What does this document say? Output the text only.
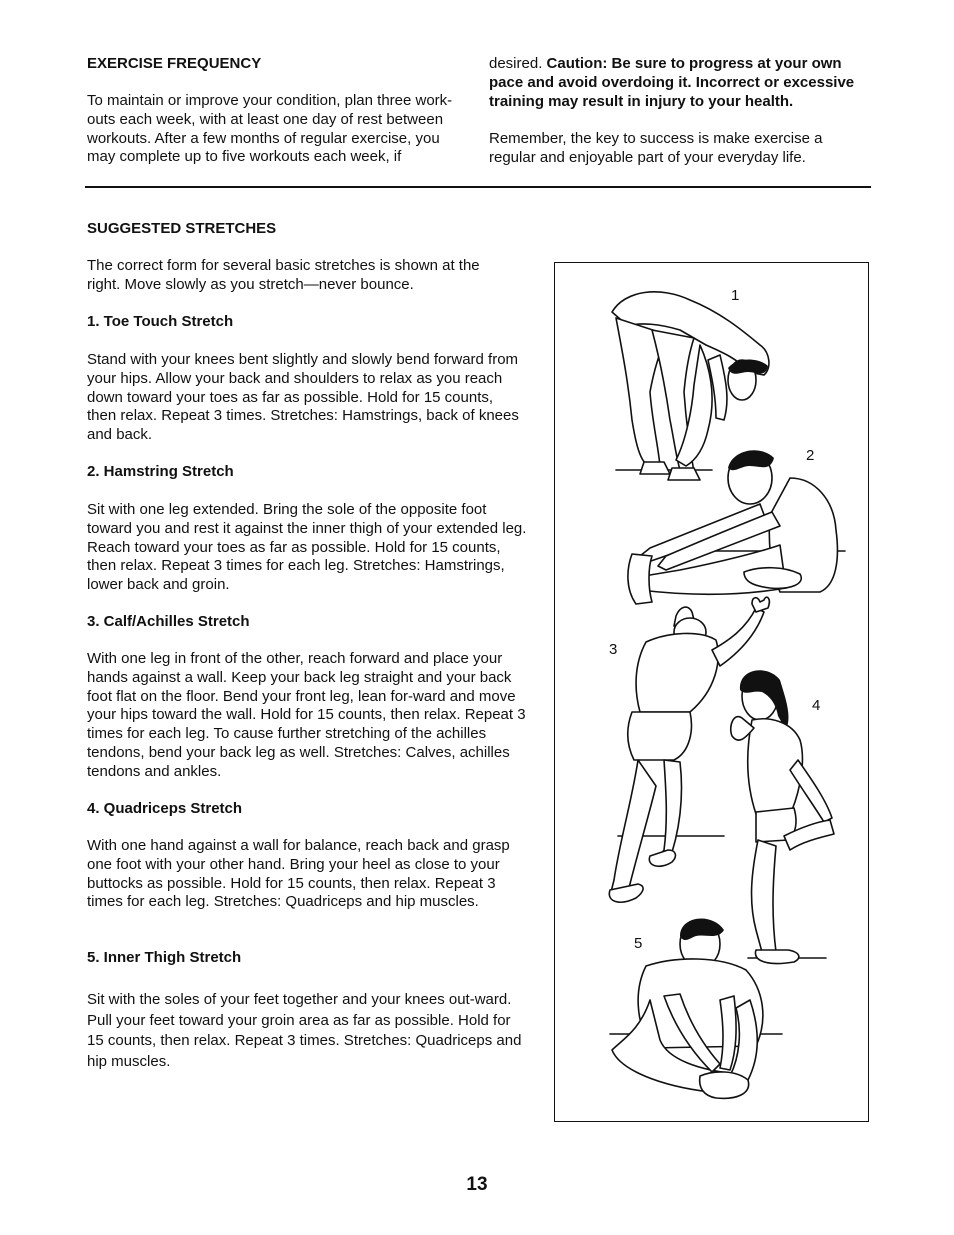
EXERCISE FREQUENCY

To maintain or improve your condition, plan three work-outs each week, with at least one day of rest between workouts. After a few months of regular exercise, you may complete up to five workouts each week, if

desired. Caution: Be sure to progress at your own pace and avoid overdoing it. Incorrect or excessive training may result in injury to your health.

Remember, the key to success is make exercise a regular and enjoyable part of your everyday life.

SUGGESTED STRETCHES

The correct form for several basic stretches is shown at the right. Move slowly as you stretch—never bounce.

1. Toe Touch Stretch

Stand with your knees bent slightly and slowly bend forward from your hips. Allow your back and shoulders to relax as you reach down toward your toes as far as possible. Hold for 15 counts, then relax. Repeat 3 times. Stretches: Hamstrings, back of knees and back.

2. Hamstring Stretch

Sit with one leg extended. Bring the sole of the opposite foot toward you and rest it against the inner thigh of your extended leg. Reach toward your toes as far as possible. Hold for 15 counts, then relax. Repeat 3 times for each leg. Stretches: Hamstrings, lower back and groin.

3. Calf/Achilles Stretch

With one leg in front of the other, reach forward and place your hands against a wall. Keep your back leg straight and your back foot flat on the floor. Bend your front leg, lean for-ward and move your hips toward the wall. Hold for 15 counts, then relax. Repeat 3 times for each leg. To cause further stretching of the achilles tendons, bend your back leg as well. Stretches: Calves, achilles tendons and ankles.

4. Quadriceps Stretch

With one hand against a wall for balance, reach back and grasp one foot with your other hand. Bring your heel as close to your buttocks as possible. Hold for 15 counts, then relax. Repeat 3 times for each leg. Stretches: Quadriceps and hip muscles.

5. Inner Thigh Stretch

Sit with the soles of your feet together and your knees out-ward. Pull your feet toward your groin area as far as possible. Hold for 15 counts, then relax. Repeat 3 times. Stretches: Quadriceps and hip muscles.

1
2
3
4
5
13
